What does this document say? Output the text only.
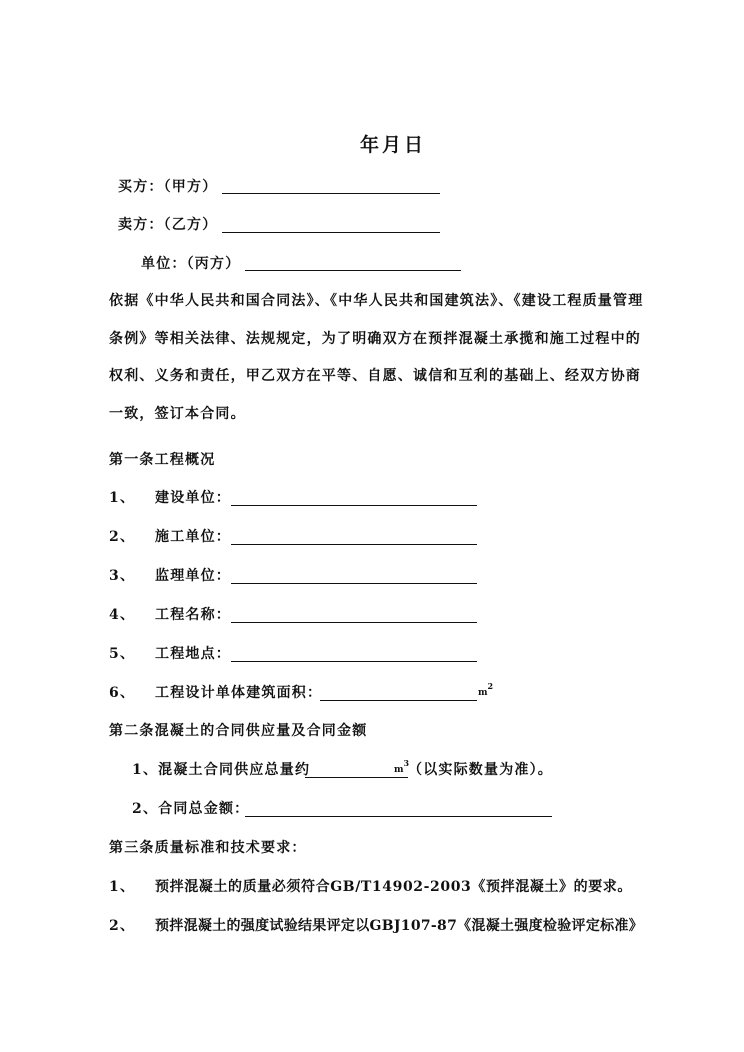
年月日
买方：（甲方）
卖方：（乙方）
单位：（丙方）
依据《中华人民共和国合同法》、《中华人民共和国建筑法》、《建设工程质量管理条例》等相关法律、法规规定，为了明确双方在预拌混凝土承揽和施工过程中的权利、义务和责任，甲乙双方在平等、自愿、诚信和互利的基础上、经双方协商一致，签订本合同。
第一条工程概况
1、 建设单位：
2、 施工单位：
3、 监理单位：
4、 工程名称：
5、 工程地点：
6、 工程设计单体建筑面积：	$m^2$
第二条混凝土的合同供应量及合同金额
1、混凝土合同供应总量约	$m^3$
（以实际数量为准）。
2、合同总金额：
第三条质量标准和技术要求：
1、 预拌混凝土的质量必须符合GB/T14902-2003《预拌混凝土》的要求。
2、 预拌混凝土的强度试验结果评定以GBJ107-87《混凝土强度检验评定标准》
